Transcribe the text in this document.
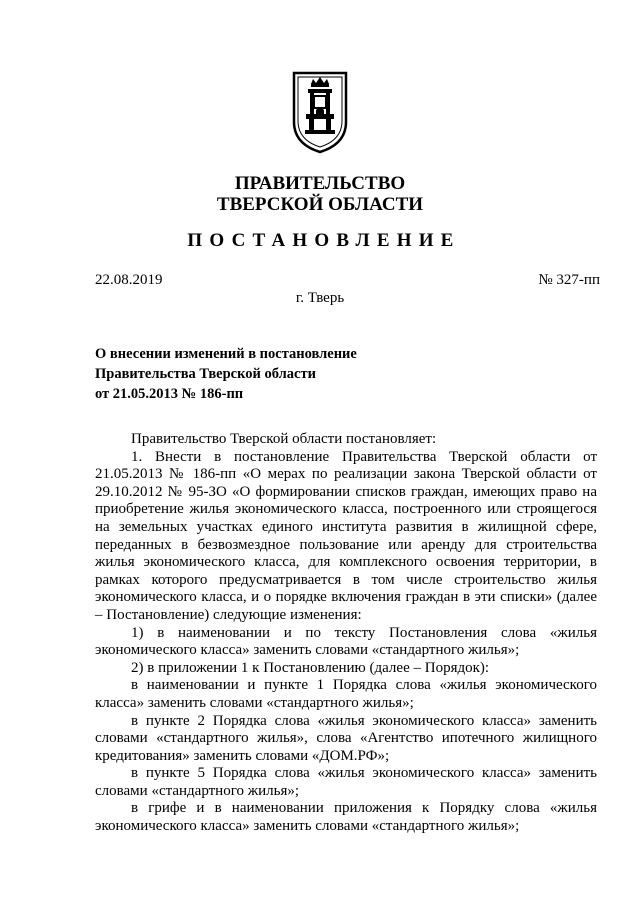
ПРАВИТЕЛЬСТВО
ТВЕРСКОЙ ОБЛАСТИ
ПОСТАНОВЛЕНИЕ
22.08.2019	№ 327-пп
г. Тверь
О внесении изменений в постановление
Правительства Тверской области
от 21.05.2013 № 186-пп

Правительство Тверской области постановляет:

1. Внести в постановление Правительства Тверской области от 21.05.2013 № 186-пп «О мерах по реализации закона Тверской области от 29.10.2012 № 95-ЗО «О формировании списков граждан, имеющих право на приобретение жилья экономического класса, построенного или строящегося на земельных участках единого института развития в жилищной сфере, переданных в безвозмездное пользование или аренду для строительства жилья экономического класса, для комплексного освоения территории, в рамках которого предусматривается в том числе строительство жилья экономического класса, и о порядке включения граждан в эти списки» (далее – Постановление) следующие изменения:

1) в наименовании и по тексту Постановления слова «жилья экономического класса» заменить словами «стандартного жилья»;

2) в приложении 1 к Постановлению (далее – Порядок):

в наименовании и пункте 1 Порядка слова «жилья экономического класса» заменить словами «стандартного жилья»;

в пункте 2 Порядка слова «жилья экономического класса» заменить словами «стандартного жилья», слова «Агентство ипотечного жилищного кредитования» заменить словами «ДОМ.РФ»;

в пункте 5 Порядка слова «жилья экономического класса» заменить словами «стандартного жилья»;

в грифе и в наименовании приложения к Порядку слова «жилья экономического класса» заменить словами «стандартного жилья»;
